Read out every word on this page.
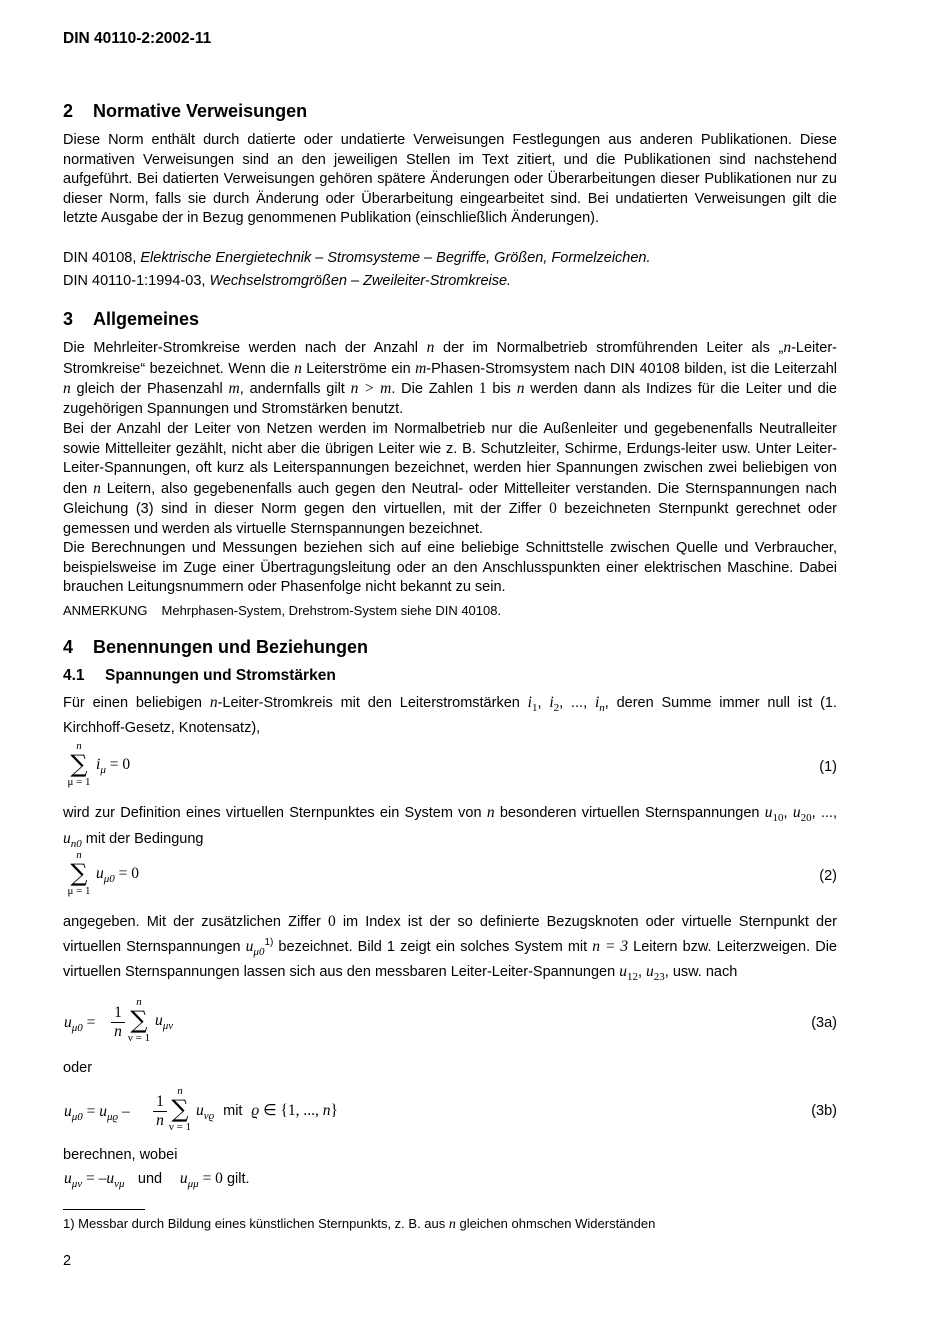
DIN 40110-2:2002-11
2 Normative Verweisungen
Diese Norm enthält durch datierte oder undatierte Verweisungen Festlegungen aus anderen Publikationen. Diese normativen Verweisungen sind an den jeweiligen Stellen im Text zitiert, und die Publikationen sind nachstehend aufgeführt. Bei datierten Verweisungen gehören spätere Änderungen oder Überarbeitungen dieser Publikationen nur zu dieser Norm, falls sie durch Änderung oder Überarbeitung eingearbeitet sind. Bei undatierten Verweisungen gilt die letzte Ausgabe der in Bezug genommenen Publikation (einschließlich Änderungen).
DIN 40108, Elektrische Energietechnik – Stromsysteme – Begriffe, Größen, Formelzeichen.
DIN 40110-1:1994-03, Wechselstromgrößen – Zweileiter-Stromkreise.
3 Allgemeines
Die Mehrleiter-Stromkreise werden nach der Anzahl n der im Normalbetrieb stromführenden Leiter als „n-Leiter-Stromkreise“ bezeichnet. Wenn die n Leiterströme ein m-Phasen-Stromsystem nach DIN 40108 bilden, ist die Leiterzahl n gleich der Phasenzahl m, andernfalls gilt n > m. Die Zahlen 1 bis n werden dann als Indizes für die Leiter und die zugehörigen Spannungen und Stromstärken benutzt.
Bei der Anzahl der Leiter von Netzen werden im Normalbetrieb nur die Außenleiter und gegebenenfalls Neutralleiter sowie Mittelleiter gezählt, nicht aber die übrigen Leiter wie z. B. Schutzleiter, Schirme, Erdungs-leiter usw. Unter Leiter-Leiter-Spannungen, oft kurz als Leiterspannungen bezeichnet, werden hier Spannungen zwischen zwei beliebigen von den n Leitern, also gegebenenfalls auch gegen den Neutral- oder Mittelleiter verstanden. Die Sternspannungen nach Gleichung (3) sind in dieser Norm gegen den virtuellen, mit der Ziffer 0 bezeichneten Sternpunkt gerechnet oder gemessen und werden als virtuelle Sternspannungen bezeichnet.
Die Berechnungen und Messungen beziehen sich auf eine beliebige Schnittstelle zwischen Quelle und Verbraucher, beispielsweise im Zuge einer Übertragungsleitung oder an den Anschlusspunkten einer elektrischen Maschine. Dabei brauchen Leitungsnummern oder Phasenfolge nicht bekannt zu sein.
ANMERKUNG Mehrphasen-System, Drehstrom-System siehe DIN 40108.
4 Benennungen und Beziehungen
4.1 Spannungen und Stromstärken
Für einen beliebigen n-Leiter-Stromkreis mit den Leiterstromstärken $i_1$, $i_2$, ..., $i_n$, deren Summe immer null ist (1. Kirchhoff-Gesetz, Knotensatz),
n
∑
μ = 1
$i_\mu = 0$	(1)
wird zur Definition eines virtuellen Sternpunktes ein System von n besonderen virtuellen Sternspannungen $u_{10}$, $u_{20}$, ..., $u_{n0}$ mit der Bedingung
n
∑
μ = 1
$u_{\mu 0} = 0$	(2)
angegeben. Mit der zusätzlichen Ziffer 0 im Index ist der so definierte Bezugsknoten oder virtuelle Sternpunkt der virtuellen Sternspannungen $u_{\mu 0}^{1)}$ bezeichnet. Bild 1 zeigt ein solches System mit n = 3 Leitern bzw. Leiterzweigen. Die virtuellen Sternspannungen lassen sich aus den messbaren Leiter-Leiter-Spannungen $u_{12}$, $u_{23}$, usw. nach
$u_{\mu 0}$ =
1
n
n
∑
ν = 1
$u_{\mu\nu}$	(3a)
oder
$u_{\mu 0} = u_{\mu ϱ}$ –
1
n
n
∑
ν = 1
$u_{\nu ϱ}$ mit ϱ ∈ {1, ..., n}	(3b)
berechnen, wobei
$u_{\mu\nu} = -u_{\nu\mu}$ und $u_{\mu\mu} = 0$ gilt.
1) Messbar durch Bildung eines künstlichen Sternpunkts, z. B. aus n gleichen ohmschen Widerständen
2
